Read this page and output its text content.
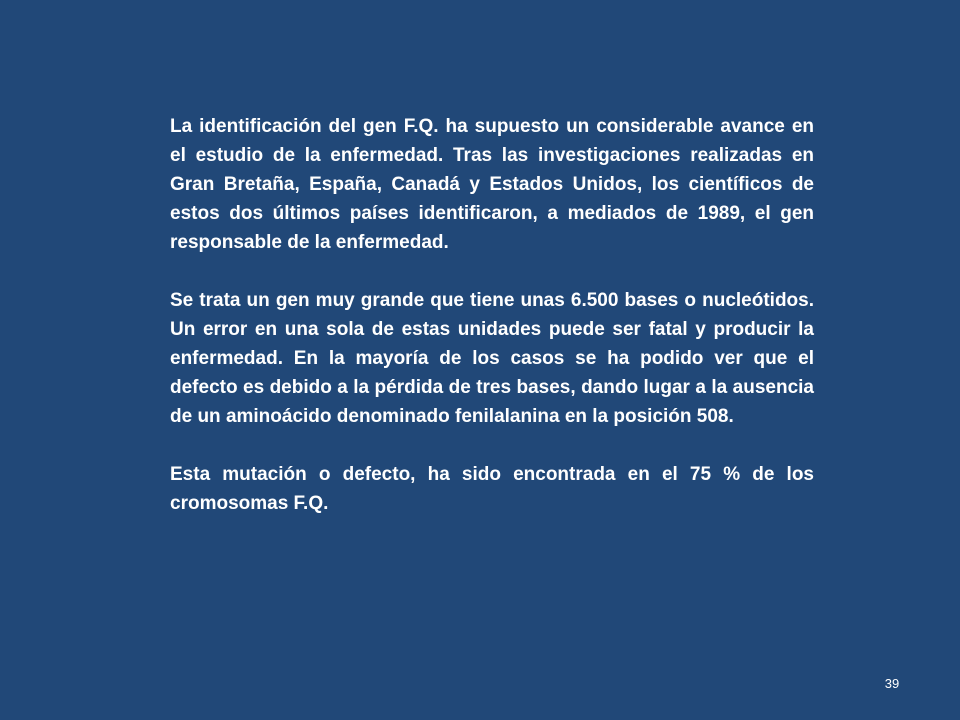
La identificación del gen F.Q. ha supuesto un considerable avance en el estudio de la enfermedad. Tras las investigaciones realizadas en Gran Bretaña, España, Canadá y Estados Unidos, los científicos de estos dos últimos países identificaron, a mediados de 1989, el gen responsable de la enfermedad.

Se trata un gen muy grande que tiene unas 6.500 bases o nucleótidos. Un error en una sola de estas unidades puede ser fatal y producir la enfermedad. En la mayoría de los casos se ha podido ver que el defecto es debido a la pérdida de tres bases, dando lugar a la ausencia de un aminoácido denominado fenilalanina en la posición 508.

Esta mutación o defecto, ha sido encontrada en el 75 % de los cromosomas F.Q.

39
